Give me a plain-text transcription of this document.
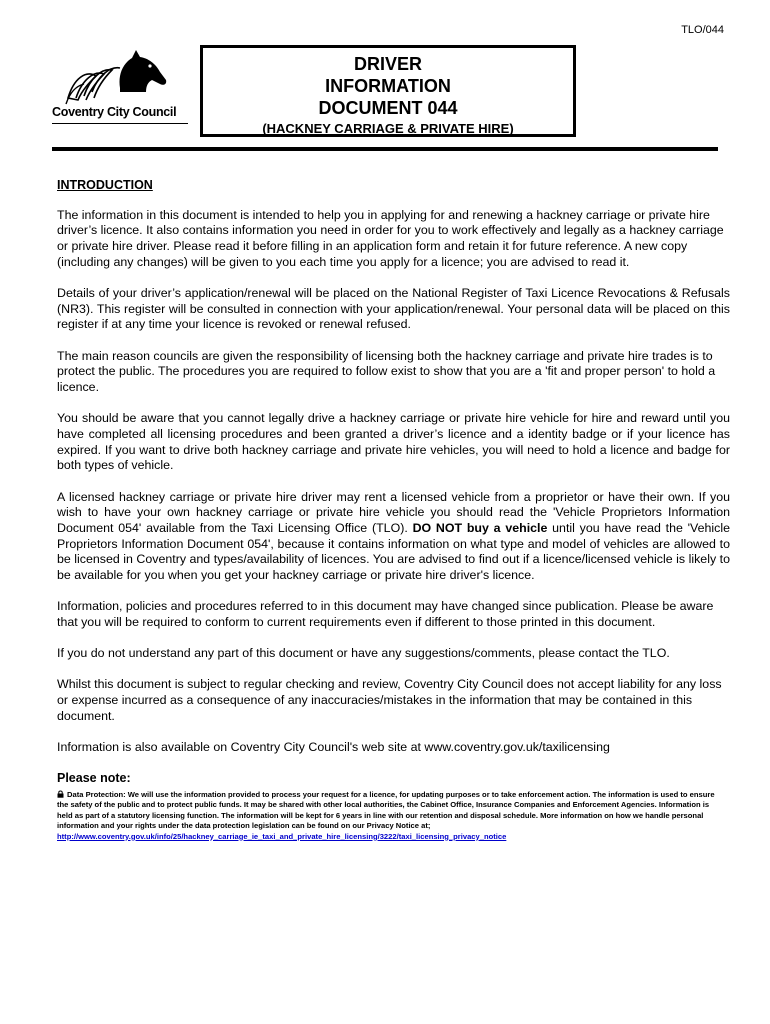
TLO/044
Coventry City Council
DRIVER
INFORMATION
DOCUMENT 044
(HACKNEY CARRIAGE & PRIVATE HIRE)
INTRODUCTION

The information in this document is intended to help you in applying for and renewing a hackney carriage or private hire driver’s licence. It also contains information you need in order for you to work effectively and legally as a hackney carriage or private hire driver. Please read it before filling in an application form and retain it for future reference. A new copy (including any changes) will be given to you each time you apply for a licence; you are advised to read it.

Details of your driver’s application/renewal will be placed on the National Register of Taxi Licence Revocations & Refusals (NR3). This register will be consulted in connection with your application/renewal. Your personal data will be placed on this register if at any time your licence is revoked or renewal refused.

The main reason councils are given the responsibility of licensing both the hackney carriage and private hire trades is to protect the public. The procedures you are required to follow exist to show that you are a 'fit and proper person' to hold a licence.

You should be aware that you cannot legally drive a hackney carriage or private hire vehicle for hire and reward until you have completed all licensing procedures and been granted a driver’s licence and a identity badge or if your licence has expired. If you want to drive both hackney carriage and private hire vehicles, you will need to hold a licence and badge for both types of vehicle.

A licensed hackney carriage or private hire driver may rent a licensed vehicle from a proprietor or have their own. If you wish to have your own hackney carriage or private hire vehicle you should read the 'Vehicle Proprietors Information Document 054' available from the Taxi Licensing Office (TLO). DO NOT buy a vehicle until you have read the 'Vehicle Proprietors Information Document 054', because it contains information on what type and model of vehicles are allowed to be licensed in Coventry and types/availability of licences. You are advised to find out if a licence/licensed vehicle is likely to be available for you when you get your hackney carriage or private hire driver's licence.

Information, policies and procedures referred to in this document may have changed since publication. Please be aware that you will be required to conform to current requirements even if different to those printed in this document.

If you do not understand any part of this document or have any suggestions/comments, please contact the TLO.

Whilst this document is subject to regular checking and review, Coventry City Council does not accept liability for any loss or expense incurred as a consequence of any inaccuracies/mistakes in the information that may be contained in this document.

Information is also available on Coventry City Council's web site at www.coventry.gov.uk/taxilicensing

Please note:
Data Protection: We will use the information provided to process your request for a licence, for updating purposes or to take enforcement action. The information is used to ensure the safety of the public and to protect public funds. It may be shared with other local authorities, the Cabinet Office, Insurance Companies and Enforcement Agencies. Information is held as part of a statutory licensing function. The information will be kept for 6 years in line with our retention and disposal schedule. More information on how we handle personal information and your rights under the data protection legislation can be found on our Privacy Notice at;
http://www.coventry.gov.uk/info/25/hackney_carriage_ie_taxi_and_private_hire_licensing/3222/taxi_licensing_privacy_notice
